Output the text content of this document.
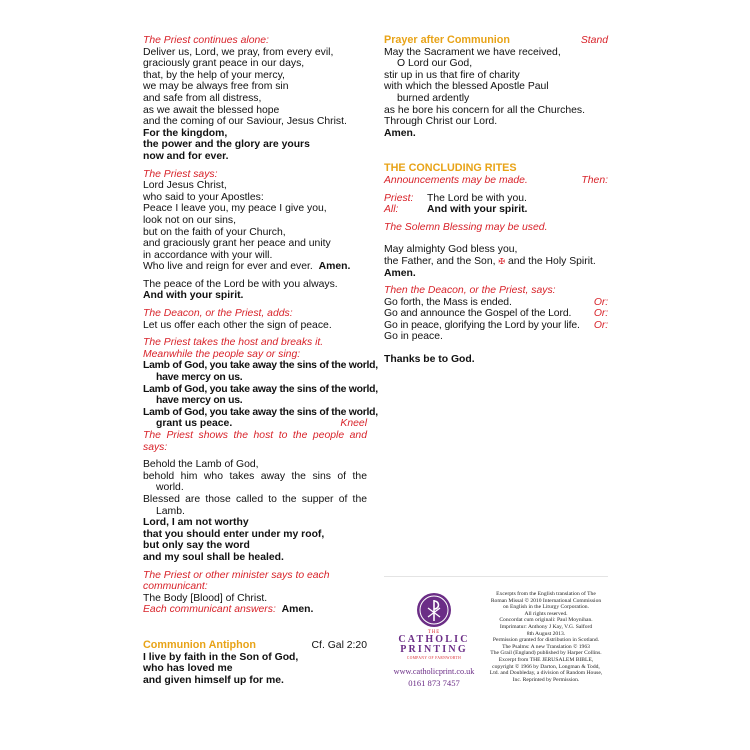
The Priest continues alone:
Deliver us, Lord, we pray, from every evil,
graciously grant peace in our days,
that, by the help of your mercy,
we may be always free from sin
and safe from all distress,
as we await the blessed hope
and the coming of our Saviour, Jesus Christ.
For the kingdom,
the power and the glory are yours
now and for ever.
The Priest says:
Lord Jesus Christ,
who said to your Apostles:
Peace I leave you, my peace I give you,
look not on our sins,
but on the faith of your Church,
and graciously grant her peace and unity
in accordance with your will.
Who live and reign for ever and ever. Amen.
The peace of the Lord be with you always.
And with your spirit.
The Deacon, or the Priest, adds:
Let us offer each other the sign of peace.
The Priest takes the host and breaks it.
Meanwhile the people say or sing:
Lamb of God, you take away the sins of the world,
have mercy on us.
Lamb of God, you take away the sins of the world,
have mercy on us.
Lamb of God, you take away the sins of the world,
grant us peace.	Kneel
The Priest shows the host to the people and says:
Behold the Lamb of God,
behold him who takes away the sins of the world.
Blessed are those called to the supper of the Lamb.
Lord, I am not worthy
that you should enter under my roof,
but only say the word
and my soul shall be healed.
The Priest or other minister says to each
communicant:
The Body [Blood] of Christ.
Each communicant answers: Amen.
Communion Antiphon	Cf. Gal 2:20
I live by faith in the Son of God,
who has loved me
and given himself up for me.
Prayer after Communion	Stand
May the Sacrament we have received,
O Lord our God,
stir up in us that fire of charity
with which the blessed Apostle Paul
burned ardently
as he bore his concern for all the Churches.
Through Christ our Lord.
Amen.
THE CONCLUDING RITES
Announcements may be made.	Then:
Priest: The Lord be with you.
All:	And with your spirit.
The Solemn Blessing may be used.
May almighty God bless you,
the Father, and the Son, ✠ and the Holy Spirit.
Amen.
Then the Deacon, or the Priest, says:
Go forth, the Mass is ended.	Or:
Go and announce the Gospel of the Lord. Or:
Go in peace, glorifying the Lord by your life. Or:
Go in peace.
Thanks be to God.
THE
CATHOLIC
PRINTING
COMPANY OF FARNWORTH
www.catholicprint.co.uk
0161 873 7457
Excerpts from the English translation of The
Roman Missal © 2010 International Commission
on English in the Liturgy Corporation.
All rights reserved.
Concordat cum originali: Paul Moynihan.
Imprimatur: Anthony J Kay, V.G. Salford
8th August 2013.
Permission granted for distribution in Scotland.
The Psalms: A new Translation © 1963
The Grail (England) published by Harper Collins.
Excerpt from THE JERUSALEM BIBLE,
copyright © 1966 by Darton, Longman & Todd,
Ltd. and Doubleday, a division of Random House,
Inc. Reprinted by Permission.
